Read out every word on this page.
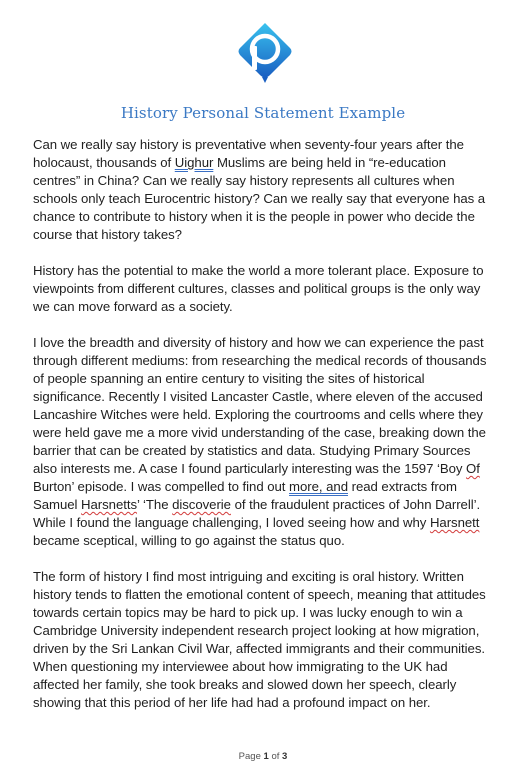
P
History Personal Statement Example

Can we really say history is preventative when seventy-four years after the holocaust, thousands of Uighur Muslims are being held in “re-education centres” in China? Can we really say history represents all cultures when schools only teach Eurocentric history? Can we really say that everyone has a chance to contribute to history when it is the people in power who decide the course that history takes?

History has the potential to make the world a more tolerant place. Exposure to viewpoints from different cultures, classes and political groups is the only way we can move forward as a society.

I love the breadth and diversity of history and how we can experience the past through different mediums: from researching the medical records of thousands of people spanning an entire century to visiting the sites of historical significance. Recently I visited Lancaster Castle, where eleven of the accused Lancashire Witches were held. Exploring the courtrooms and cells where they were held gave me a more vivid understanding of the case, breaking down the barrier that can be created by statistics and data. Studying Primary Sources also interests me. A case I found particularly interesting was the 1597 ‘Boy Of Burton’ episode. I was compelled to find out more, and read extracts from Samuel Harsnetts’ ‘The discoverie of the fraudulent practices of John Darrell’. While I found the language challenging, I loved seeing how and why Harsnett became sceptical, willing to go against the status quo.

The form of history I find most intriguing and exciting is oral history. Written history tends to flatten the emotional content of speech, meaning that attitudes towards certain topics may be hard to pick up. I was lucky enough to win a Cambridge University independent research project looking at how migration, driven by the Sri Lankan Civil War, affected immigrants and their communities. When questioning my interviewee about how immigrating to the UK had affected her family, she took breaks and slowed down her speech, clearly showing that this period of her life had had a profound impact on her.

Page 1 of 3
